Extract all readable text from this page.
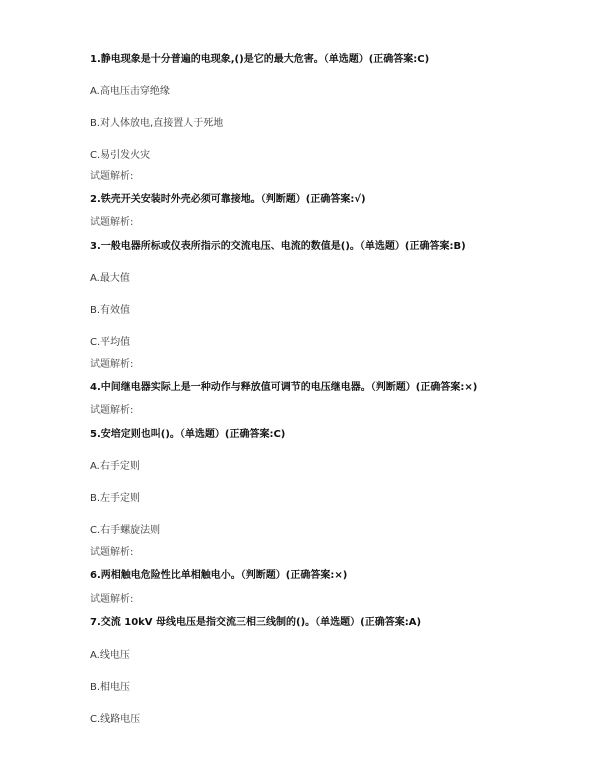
1.静电现象是十分普遍的电现象,()是它的最大危害。（单选题）(正确答案:C)
A.高电压击穿绝缘
B.对人体放电,直接置人于死地
C.易引发火灾
试题解析:
2.铁壳开关安装时外壳必须可靠接地。（判断题）(正确答案:√)
试题解析:
3.一般电器所标或仪表所指示的交流电压、电流的数值是()。（单选题）(正确答案:B)
A.最大值
B.有效值
C.平均值
试题解析:
4.中间继电器实际上是一种动作与释放值可调节的电压继电器。（判断题）(正确答案:×)
试题解析:
5.安培定则也叫()。（单选题）(正确答案:C)
A.右手定则
B.左手定则
C.右手螺旋法则
试题解析:
6.两相触电危险性比单相触电小。（判断题）(正确答案:×)
试题解析:
7.交流 10kV 母线电压是指交流三相三线制的()。（单选题）(正确答案:A)
A.线电压
B.相电压
C.线路电压
